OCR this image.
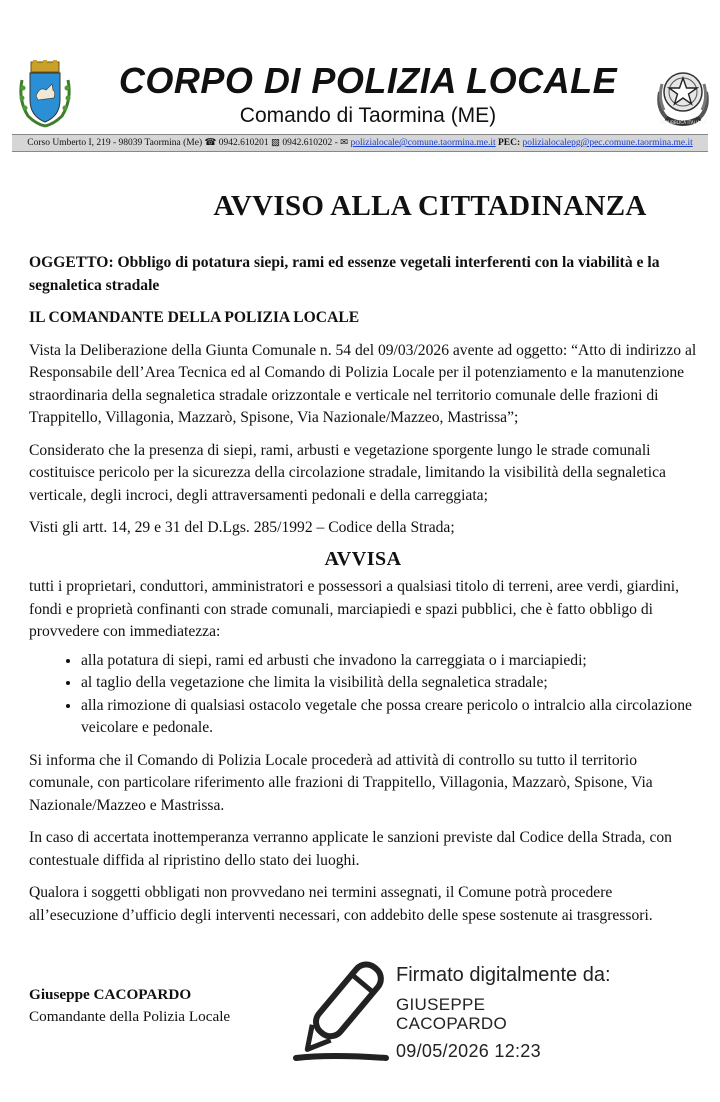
CORPO DI POLIZIA LOCALE
Comando di Taormina (ME)	REPUBBLICA ITALIANA
Corso Umberto I, 219 - 98039 Taormina (Me) ☎ 0942.610201 ▧ 0942.610202 - ✉ polizialocale@comune.taormina.me.it PEC: polizialocalepg@pec.comune.taormina.me.it
AVVISO ALLA CITTADINANZA

OGGETTO: Obbligo di potatura siepi, rami ed essenze vegetali interferenti con la viabilità e la segnaletica stradale

IL COMANDANTE DELLA POLIZIA LOCALE

Vista la Deliberazione della Giunta Comunale n. 54 del 09/03/2026 avente ad oggetto: “Atto di indirizzo al Responsabile dell’Area Tecnica ed al Comando di Polizia Locale per il potenziamento e la manutenzione straordinaria della segnaletica stradale orizzontale e verticale nel territorio comunale delle frazioni di Trappitello, Villagonia, Mazzarò, Spisone, Via Nazionale/Mazzeo, Mastrissa”;

Considerato che la presenza di siepi, rami, arbusti e vegetazione sporgente lungo le strade comunali costituisce pericolo per la sicurezza della circolazione stradale, limitando la visibilità della segnaletica verticale, degli incroci, degli attraversamenti pedonali e della carreggiata;

Visti gli artt. 14, 29 e 31 del D.Lgs. 285/1992 – Codice della Strada;

AVVISA

tutti i proprietari, conduttori, amministratori e possessori a qualsiasi titolo di terreni, aree verdi, giardini, fondi e proprietà confinanti con strade comunali, marciapiedi e spazi pubblici, che è fatto obbligo di provvedere con immediatezza:

• alla potatura di siepi, rami ed arbusti che invadono la carreggiata o i marciapiedi;
• al taglio della vegetazione che limita la visibilità della segnaletica stradale;
• alla rimozione di qualsiasi ostacolo vegetale che possa creare pericolo o intralcio alla circolazione veicolare e pedonale.

Si informa che il Comando di Polizia Locale procederà ad attività di controllo su tutto il territorio comunale, con particolare riferimento alle frazioni di Trappitello, Villagonia, Mazzarò, Spisone, Via Nazionale/Mazzeo e Mastrissa.

In caso di accertata inottemperanza verranno applicate le sanzioni previste dal Codice della Strada, con contestuale diffida al ripristino dello stato dei luoghi.

Qualora i soggetti obbligati non provvedano nei termini assegnati, il Comune potrà procedere all’esecuzione d’ufficio degli interventi necessari, con addebito delle spese sostenute ai trasgressori.

Giuseppe CACOPARDO
Comandante della Polizia Locale
Firmato digitalmente da:
GIUSEPPE
CACOPARDO
09/05/2026 12:23
